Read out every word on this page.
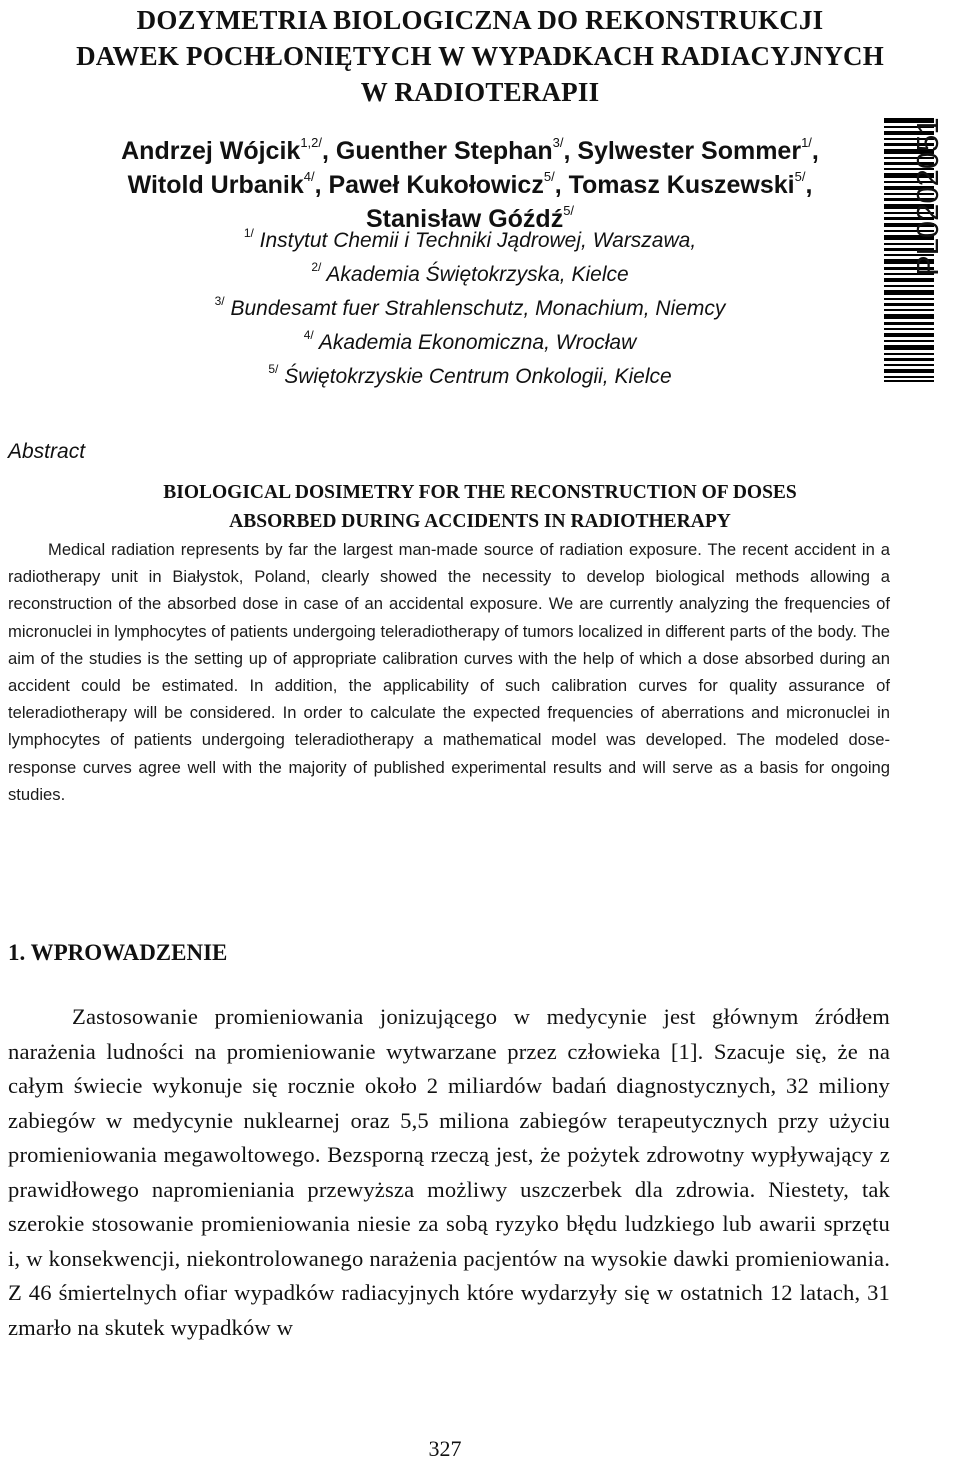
DOZYMETRIA BIOLOGICZNA DO REKONSTRUKCJI
DAWEK POCHŁONIĘTYCH W WYPADKACH RADIACYJNYCH
W RADIOTERAPII
Andrzej Wójcik$^{1,2/}$, Guenther Stephan$^{3/}$, Sylwester Sommer$^{1/}$,
Witold Urbanik$^{4/}$, Paweł Kukołowicz$^{5/}$, Tomasz Kuszewski$^{5/}$,
Stanisław Góźdź$^{5/}$
$^{1/}$ Instytut Chemii i Techniki Jądrowej, Warszawa,
$^{2/}$ Akademia Świętokrzyska, Kielce
$^{3/}$ Bundesamt fuer Strahlenschutz, Monachium, Niemcy
$^{4/}$ Akademia Ekonomiczna, Wrocław
$^{5/}$ Świętokrzyskie Centrum Onkologii, Kielce
PL0202051
Abstract
BIOLOGICAL DOSIMETRY FOR THE RECONSTRUCTION OF DOSES
ABSORBED DURING ACCIDENTS IN RADIOTHERAPY

Medical radiation represents by far the largest man-made source of radiation exposure. The recent accident in a radiotherapy unit in Białystok, Poland, clearly showed the necessity to develop biological methods allowing a reconstruction of the absorbed dose in case of an accidental exposure. We are currently analyzing the frequencies of micronuclei in lymphocytes of patients undergoing teleradiotherapy of tumors localized in different parts of the body. The aim of the studies is the setting up of appropriate calibration curves with the help of which a dose absorbed during an accident could be estimated. In addition, the applicability of such calibration curves for quality assurance of teleradiotherapy will be considered. In order to calculate the expected frequencies of aberrations and micronuclei in lymphocytes of patients undergoing teleradiotherapy a mathematical model was developed. The modeled dose-response curves agree well with the majority of published experimental results and will serve as a basis for ongoing studies.

1. WPROWADZENIE

Zastosowanie promieniowania jonizującego w medycynie jest głównym źródłem narażenia ludności na promieniowanie wytwarzane przez człowieka [1]. Szacuje się, że na całym świecie wykonuje się rocznie około 2 miliardów badań diagnostycznych, 32 miliony zabiegów w medycynie nuklearnej oraz 5,5 miliona zabiegów terapeutycznych przy użyciu promieniowania megawoltowego. Bezsporną rzeczą jest, że pożytek zdrowotny wypływający z prawidłowego napromieniania przewyższa możliwy uszczerbek dla zdrowia. Niestety, tak szerokie stosowanie promieniowania niesie za sobą ryzyko błędu ludzkiego lub awarii sprzętu i, w konsekwencji, niekontrolowanego narażenia pacjentów na wysokie dawki promieniowania. Z 46 śmiertelnych ofiar wypadków radiacyjnych które wydarzyły się w ostatnich 12 latach, 31 zmarło na skutek wypadków w

327
